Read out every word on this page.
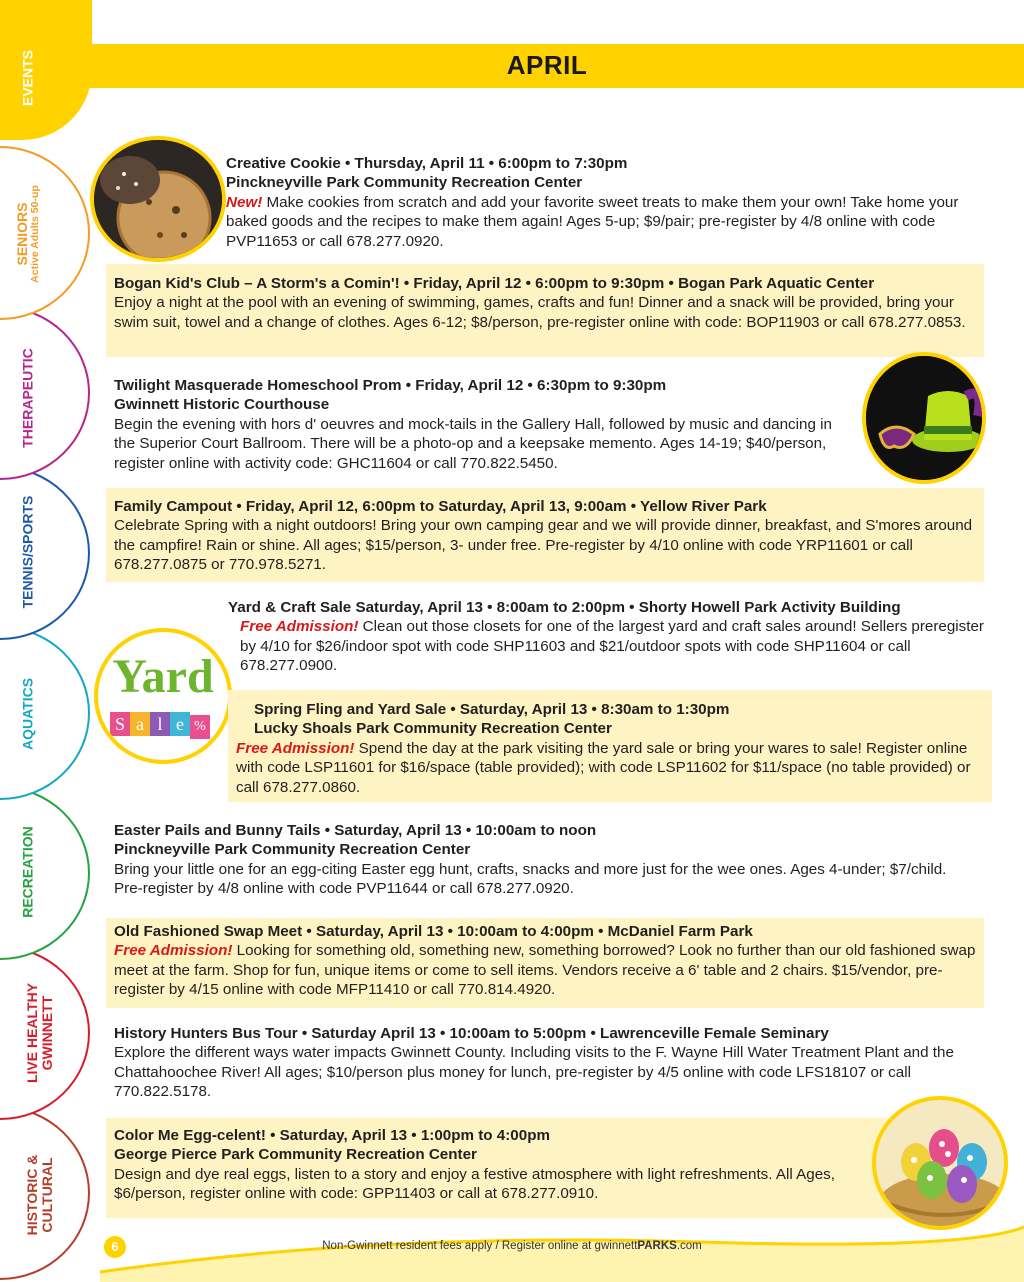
APRIL
EVENTS
SENIORS Active Adults 50-up
THERAPEUTIC
TENNIS/SPORTS
AQUATICS
RECREATION
LIVE HEALTHY GWINNETT
HISTORIC & CULTURAL

Creative Cookie • Thursday, April 11 • 6:00pm to 7:30pm

Pinckneyville Park Community Recreation Center

New! Make cookies from scratch and add your favorite sweet treats to make them your own! Take home your baked goods and the recipes to make them again! Ages 5-up; $9/pair; pre-register by 4/8 online with code PVP11653 or call 678.277.0920.

Bogan Kid's Club – A Storm's a Comin'! • Friday, April 12 • 6:00pm to 9:30pm • Bogan Park Aquatic Center

Enjoy a night at the pool with an evening of swimming, games, crafts and fun! Dinner and a snack will be provided, bring your swim suit, towel and a change of clothes. Ages 6-12; $8/person, pre-register online with code: BOP11903 or call 678.277.0853.

Twilight Masquerade Homeschool Prom • Friday, April 12 • 6:30pm to 9:30pm

Gwinnett Historic Courthouse

Begin the evening with hors d' oeuvres and mock-tails in the Gallery Hall, followed by music and dancing in the Superior Court Ballroom. There will be a photo-op and a keepsake memento. Ages 14-19; $40/person, register online with activity code: GHC11604 or call 770.822.5450.

Family Campout • Friday, April 12, 6:00pm to Saturday, April 13, 9:00am • Yellow River Park

Celebrate Spring with a night outdoors! Bring your own camping gear and we will provide dinner, breakfast, and S'mores around the campfire! Rain or shine. All ages; $15/person, 3- under free. Pre-register by 4/10 online with code YRP11601 or call 678.277.0875 or 770.978.5271.

Yard
S a l e %

Yard & Craft Sale Saturday, April 13 • 8:00am to 2:00pm • Shorty Howell Park Activity Building

Free Admission! Clean out those closets for one of the largest yard and craft sales around! Sellers preregister by 4/10 for $26/indoor spot with code SHP11603 and $21/outdoor spots with code SHP11604 or call 678.277.0900.

Spring Fling and Yard Sale • Saturday, April 13 • 8:30am to 1:30pm

Lucky Shoals Park Community Recreation Center

Free Admission! Spend the day at the park visiting the yard sale or bring your wares to sale! Register online with code LSP11601 for $16/space (table provided); with code LSP11602 for $11/space (no table provided) or call 678.277.0860.

Easter Pails and Bunny Tails • Saturday, April 13 • 10:00am to noon

Pinckneyville Park Community Recreation Center

Bring your little one for an egg-citing Easter egg hunt, crafts, snacks and more just for the wee ones. Ages 4-under; $7/child. Pre-register by 4/8 online with code PVP11644 or call 678.277.0920.

Old Fashioned Swap Meet • Saturday, April 13 • 10:00am to 4:00pm • McDaniel Farm Park

Free Admission! Looking for something old, something new, something borrowed? Look no further than our old fashioned swap meet at the farm. Shop for fun, unique items or come to sell items. Vendors receive a 6' table and 2 chairs. $15/vendor, pre-register by 4/15 online with code MFP11410 or call 770.814.4920.

History Hunters Bus Tour • Saturday April 13 • 10:00am to 5:00pm • Lawrenceville Female Seminary

Explore the different ways water impacts Gwinnett County. Including visits to the F. Wayne Hill Water Treatment Plant and the Chattahoochee River! All ages; $10/person plus money for lunch, pre-register by 4/5 online with code LFS18107 or call 770.822.5178.

Color Me Egg-celent! • Saturday, April 13 • 1:00pm to 4:00pm

George Pierce Park Community Recreation Center

Design and dye real eggs, listen to a story and enjoy a festive atmosphere with light refreshments. All Ages, $6/person, register online with code: GPP11403 or call at 678.277.0910.

6	Non-Gwinnett resident fees apply / Register online at gwinnettPARKS.com
